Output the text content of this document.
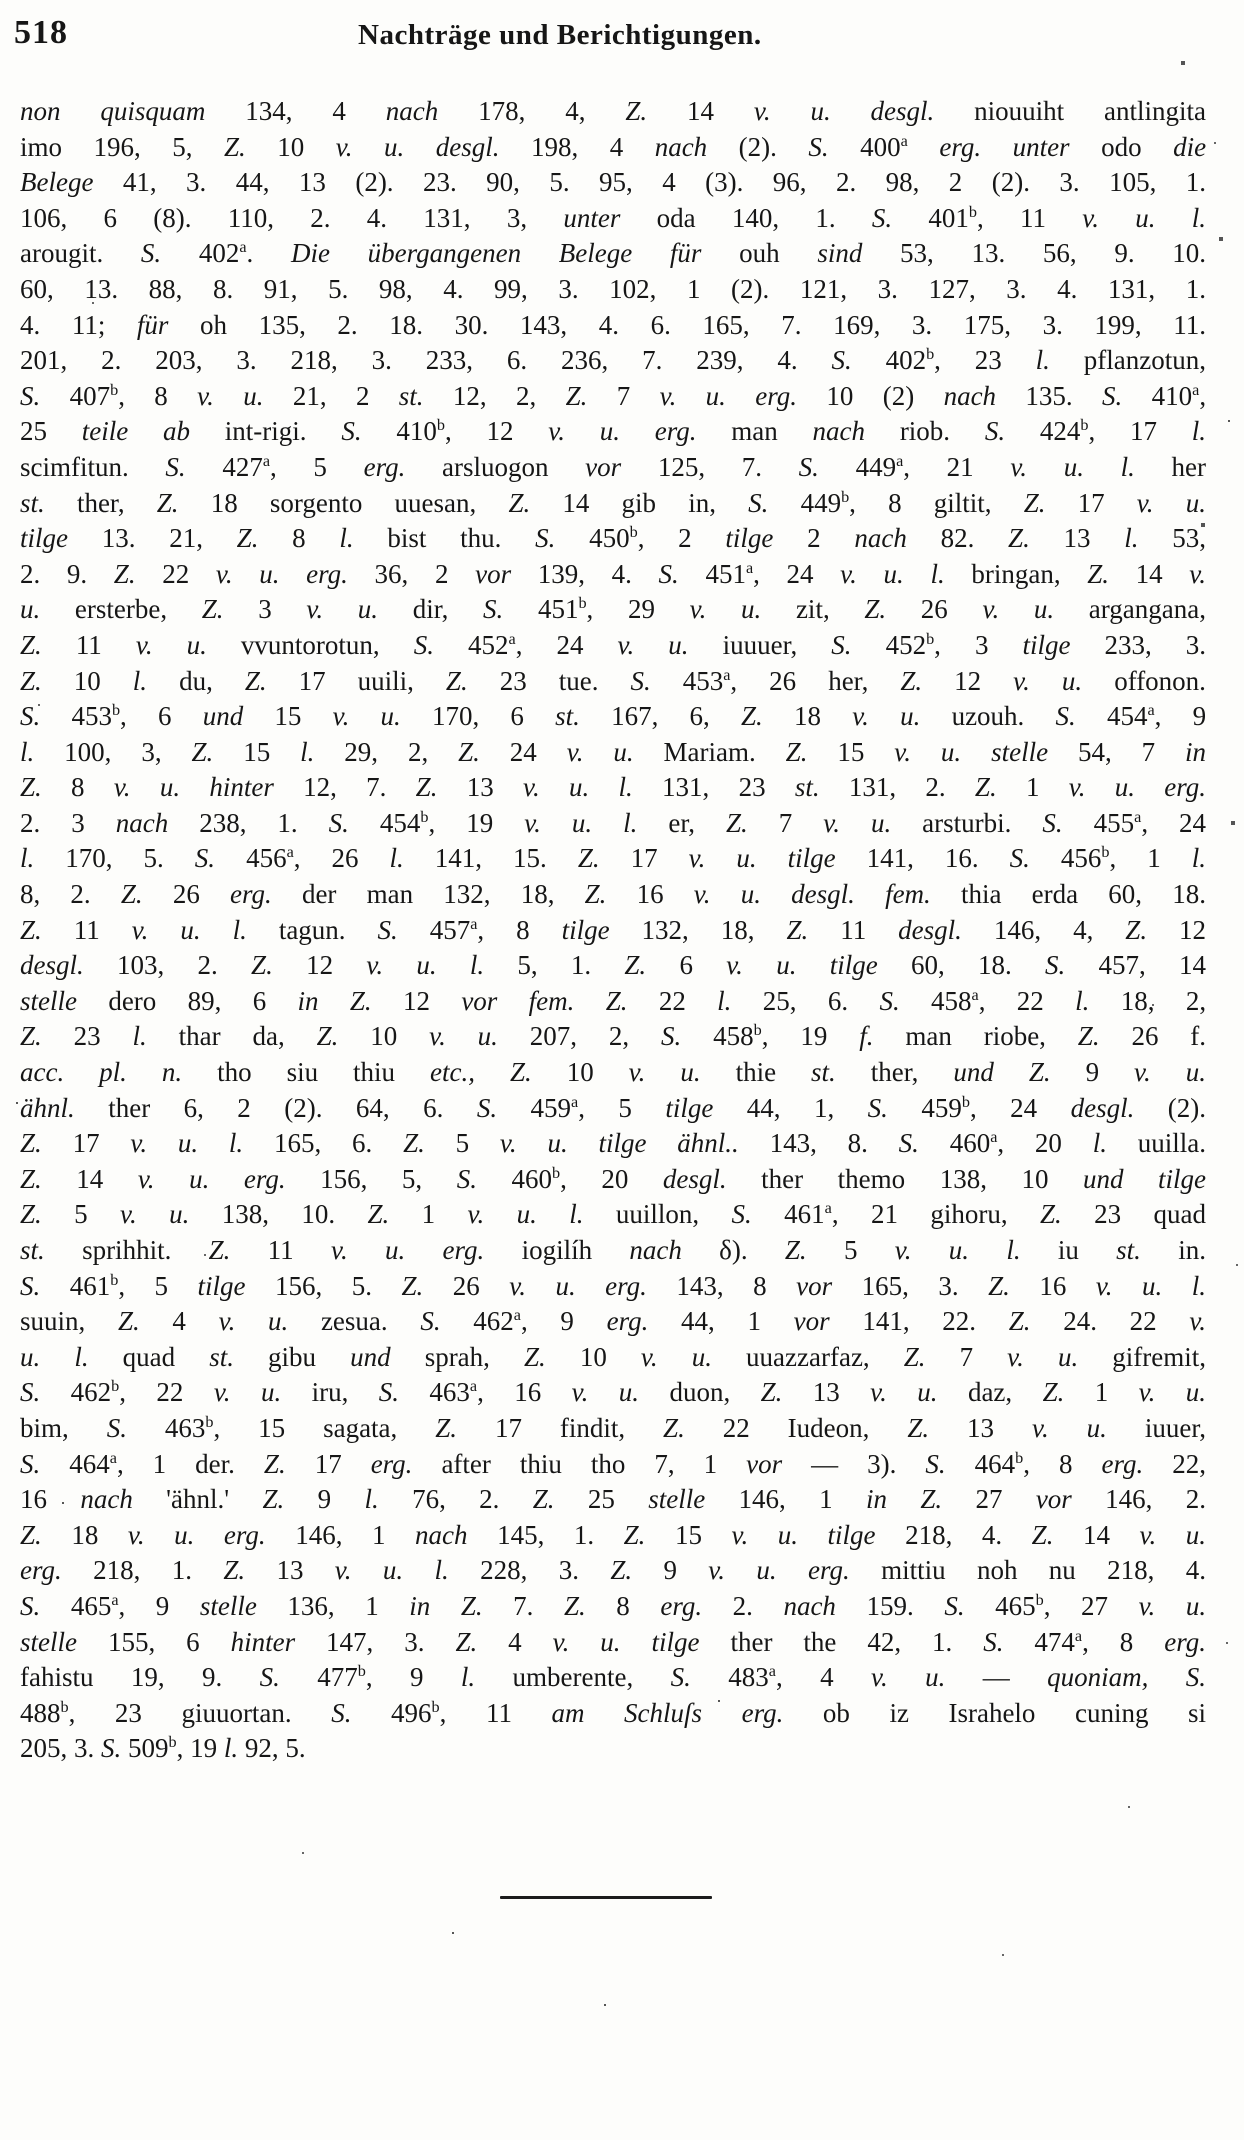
518	Nachträge und Berichtigungen.
non quisquam 134, 4 nach 178, 4, Z. 14 v. u. desgl. niouuiht antlingita
imo 196, 5, Z. 10 v. u. desgl. 198, 4 nach (2). S. 400$^a$ erg. unter odo die
Belege 41, 3. 44, 13 (2). 23. 90, 5. 95, 4 (3). 96, 2. 98, 2 (2). 3. 105, 1.
106, 6 (8). 110, 2. 4. 131, 3, unter oda 140, 1. S. 401$^b$, 11 v. u. l.
arougit. S. 402$^a$. Die übergangenen Belege für ouh sind 53, 13. 56, 9. 10.
60, 13. 88, 8. 91, 5. 98, 4. 99, 3. 102, 1 (2). 121, 3. 127, 3. 4. 131, 1.
4. 11; für oh 135, 2. 18. 30. 143, 4. 6. 165, 7. 169, 3. 175, 3. 199, 11.
201, 2. 203, 3. 218, 3. 233, 6. 236, 7. 239, 4. S. 402$^b$, 23 l. pflanzotun,
S. 407$^b$, 8 v. u. 21, 2 st. 12, 2, Z. 7 v. u. erg. 10 (2) nach 135. S. 410$^a$,
25 teile ab int-rigi. S. 410$^b$, 12 v. u. erg. man nach riob. S. 424$^b$, 17 l.
scimfitun. S. 427$^a$, 5 erg. arsluogon vor 125, 7. S. 449$^a$, 21 v. u. l. her
st. ther, Z. 18 sorgento uuesan, Z. 14 gib in, S. 449$^b$, 8 giltit, Z. 17 v. u.
tilge 13. 21, Z. 8 l. bist thu. S. 450$^b$, 2 tilge 2 nach 82. Z. 13 l. 53,
2. 9. Z. 22 v. u. erg. 36, 2 vor 139, 4. S. 451$^a$, 24 v. u. l. bringan, Z. 14 v.
u. ersterbe, Z. 3 v. u. dir, S. 451$^b$, 29 v. u. zit, Z. 26 v. u. argangana,
Z. 11 v. u. vvuntorotun, S. 452$^a$, 24 v. u. iuuuer, S. 452$^b$, 3 tilge 233, 3.
Z. 10 l. du, Z. 17 uuili, Z. 23 tue. S. 453$^a$, 26 her, Z. 12 v. u. offonon.
S. 453$^b$, 6 und 15 v. u. 170, 6 st. 167, 6, Z. 18 v. u. uzouh. S. 454$^a$, 9
l. 100, 3, Z. 15 l. 29, 2, Z. 24 v. u. Mariam. Z. 15 v. u. stelle 54, 7 in
Z. 8 v. u. hinter 12, 7. Z. 13 v. u. l. 131, 23 st. 131, 2. Z. 1 v. u. erg.
2. 3 nach 238, 1. S. 454$^b$, 19 v. u. l. er, Z. 7 v. u. arsturbi. S. 455$^a$, 24
l. 170, 5. S. 456$^a$, 26 l. 141, 15. Z. 17 v. u. tilge 141, 16. S. 456$^b$, 1 l.
8, 2. Z. 26 erg. der man 132, 18, Z. 16 v. u. desgl. fem. thia erda 60, 18.
Z. 11 v. u. l. tagun. S. 457$^a$, 8 tilge 132, 18, Z. 11 desgl. 146, 4, Z. 12
desgl. 103, 2. Z. 12 v. u. l. 5, 1. Z. 6 v. u. tilge 60, 18. S. 457, 14
stelle dero 89, 6 in Z. 12 vor fem. Z. 22 l. 25, 6. S. 458$^a$, 22 l. 18, 2,
Z. 23 l. thar da, Z. 10 v. u. 207, 2, S. 458$^b$, 19 f. man riobe, Z. 26 f.
acc. pl. n. tho siu thiu etc., Z. 10 v. u. thie st. ther, und Z. 9 v. u.
ähnl. ther 6, 2 (2). 64, 6. S. 459$^a$, 5 tilge 44, 1, S. 459$^b$, 24 desgl. (2).
Z. 17 v. u. l. 165, 6. Z. 5 v. u. tilge ähnl.. 143, 8. S. 460$^a$, 20 l. uuilla.
Z. 14 v. u. erg. 156, 5, S. 460$^b$, 20 desgl. ther themo 138, 10 und tilge
Z. 5 v. u. 138, 10. Z. 1 v. u. l. uuillon, S. 461$^a$, 21 gihoru, Z. 23 quad
st. sprihhit. Z. 11 v. u. erg. iogilíh nach δ). Z. 5 v. u. l. iu st. in.
S. 461$^b$, 5 tilge 156, 5. Z. 26 v. u. erg. 143, 8 vor 165, 3. Z. 16 v. u. l.
suuin, Z. 4 v. u. zesua. S. 462$^a$, 9 erg. 44, 1 vor 141, 22. Z. 24. 22 v.
u. l. quad st. gibu und sprah, Z. 10 v. u. uuazzarfaz, Z. 7 v. u. gifremit,
S. 462$^b$, 22 v. u. iru, S. 463$^a$, 16 v. u. duon, Z. 13 v. u. daz, Z. 1 v. u.
bim, S. 463$^b$, 15 sagata, Z. 17 findit, Z. 22 Iudeon, Z. 13 v. u. iuuer,
S. 464$^a$, 1 der. Z. 17 erg. after thiu tho 7, 1 vor — 3). S. 464$^b$, 8 erg. 22,
16 nach 'ähnl.' Z. 9 l. 76, 2. Z. 25 stelle 146, 1 in Z. 27 vor 146, 2.
Z. 18 v. u. erg. 146, 1 nach 145, 1. Z. 15 v. u. tilge 218, 4. Z. 14 v. u.
erg. 218, 1. Z. 13 v. u. l. 228, 3. Z. 9 v. u. erg. mittiu noh nu 218, 4.
S. 465$^a$, 9 stelle 136, 1 in Z. 7. Z. 8 erg. 2. nach 159. S. 465$^b$, 27 v. u.
stelle 155, 6 hinter 147, 3. Z. 4 v. u. tilge ther the 42, 1. S. 474$^a$, 8 erg.
fahistu 19, 9. S. 477$^b$, 9 l. umberente, S. 483$^a$, 4 v. u. — quoniam, S.
488$^b$, 23 giuuortan. S. 496$^b$, 11 am Schluſs erg. ob iz Israhelo cuning si
205, 3. S. 509$^b$, 19 l. 92, 5.
